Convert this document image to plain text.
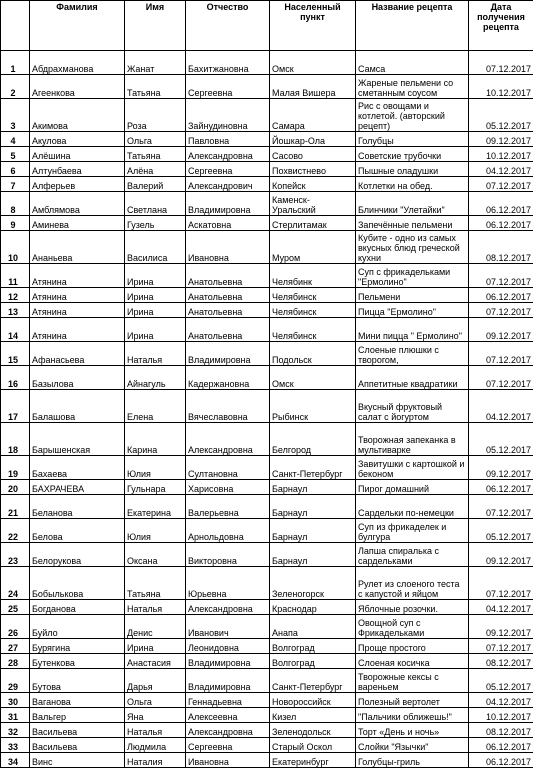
	Фамилия	Имя	Отчество	Населенный пункт	Название рецепта	Дата получения рецепта
1	Абдрахманова	Жанат	Бахитжановна	Омск	Самса	07.12.2017
2	Агеенкова	Татьяна	Сергеевна	Малая Вишера	Жареные пельмени со сметанным соусом	10.12.2017
3	Акимова	Роза	Зайнудиновна	Самара	Рис с овощами и котлетой. (авторский рецепт)	05.12.2017
4	Акулова	Ольга	Павловна	Йошкар-Ола	Голубцы	09.12.2017
5	Алёшина	Татьяна	Александровна	Сасово	Советские трубочки	10.12.2017
6	Алтунбаева	Алёна	Сергеевна	Похвистнево	Пышные оладушки	04.12.2017
7	Алферьев	Валерий	Александрович	Копейск	Котлетки на обед.	07.12.2017
8	Амблямова	Светлана	Владимировна	Каменск-Уральский	Блинчики "Улетайки"	06.12.2017
9	Аминева	Гузель	Аскатовна	Стерлитамак	Запечённые пельмени	06.12.2017
10	Ананьева	Василиса	Ивановна	Муром	Кубите - одно из самых вкусных блюд греческой кухни	08.12.2017
11	Атянина	Ирина	Анатольевна	Челябинк	Суп с фрикадельками "Ермолино"	07.12.2017
12	Атянина	Ирина	Анатольевна	Челябинск	Пельмени	06.12.2017
13	Атянина	Ирина	Анатольевна	Челябинск	Пицца "Ермолино"	07.12.2017
14	Атянина	Ирина	Анатольевна	Челябинск	Мини пицца " Ермолино"	09.12.2017
15	Афанасьева	Наталья	Владимировна	Подольск	Слоеные плюшки с творогом,	07.12.2017
16	Базылова	Айнагуль	Кадержановна	Омск	Аппетитные квадратики	07.12.2017
17	Балашова	Елена	Вячеславовна	Рыбинск	Вкусный фруктовый салат с йогуртом	04.12.2017
18	Барышенская	Карина	Александровна	Белгород	Творожная запеканка в мультиварке	05.12.2017
19	Бахаева	Юлия	Султановна	Санкт-Петербург	Завитушки с картошкой и беконом	09.12.2017
20	БАХРАЧЕВА	Гульнара	Харисовна	Барнаул	Пирог домашний	06.12.2017
21	Беланова	Екатерина	Валерьевна	Барнаул	Сардельки по-немецки	07.12.2017
22	Белова	Юлия	Арнольдовна	Барнаул	Суп из фрикаделек и булгура	05.12.2017
23	Белорукова	Оксана	Викторовна	Барнаул	Лапша спиралька с сардельками	09.12.2017
24	Бобылькова	Татьяна	Юрьевна	Зеленогорск	Рулет из слоеного теста с капустой и яйцом	07.12.2017
25	Богданова	Наталья	Александровна	Краснодар	Яблочные розочки.	04.12.2017
26	Буйло	Денис	Иванович	Анапа	Овощной суп с Фрикадельками	09.12.2017
27	Бурягина	Ирина	Леонидовна	Волгоград	Проще простого	07.12.2017
28	Бутенкова	Анастасия	Владимировна	Волгоград	Слоеная косичка	08.12.2017
29	Бутова	Дарья	Владимировна	Санкт-Петербург	Творожные кексы с вареньем	05.12.2017
30	Ваганова	Ольга	Геннадьевна	Новороссийск	Полезный вертолет	04.12.2017
31	Вальгер	Яна	Алексеевна	Кизел	"Пальчики оближешь!"	10.12.2017
32	Васильева	Наталья	Александровна	Зеленодольск	Торт «День и ночь»	08.12.2017
33	Васильева	Людмила	Сергеевна	Старый Оскол	Слойки "Язычки"	06.12.2017
34	Винс	Наталия	Ивановна	Екатеринбург	Голубцы-гриль	06.12.2017
